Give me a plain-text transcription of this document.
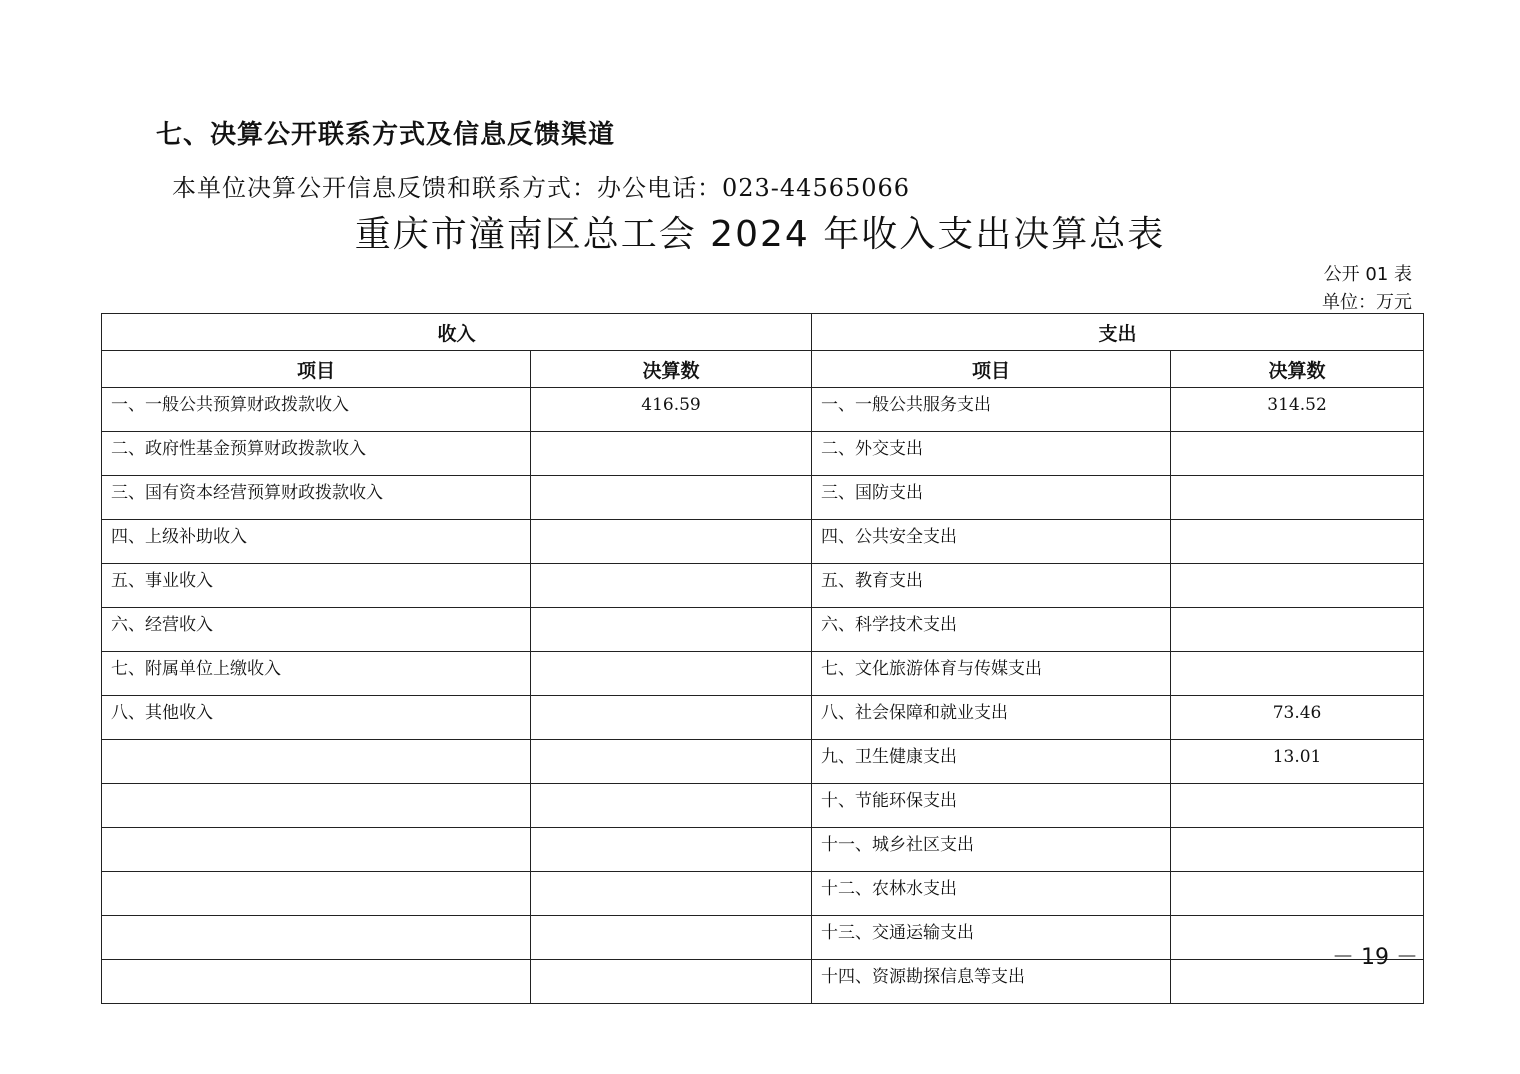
七、决算公开联系方式及信息反馈渠道
本单位决算公开信息反馈和联系方式：办公电话：023-44565066
重庆市潼南区总工会 2024 年收入支出决算总表
公开 01 表
单位：万元
收入		支出	
项目	决算数	项目	决算数
一、一般公共预算财政拨款收入	416.59	一、一般公共服务支出	314.52
二、政府性基金预算财政拨款收入		二、外交支出	
三、国有资本经营预算财政拨款收入		三、国防支出	
四、上级补助收入		四、公共安全支出	
五、事业收入		五、教育支出	
六、经营收入		六、科学技术支出	
七、附属单位上缴收入		七、文化旅游体育与传媒支出	
八、其他收入		八、社会保障和就业支出	73.46
		九、卫生健康支出	13.01
		十、节能环保支出	
		十一、城乡社区支出	
		十二、农林水支出	
		十三、交通运输支出	
		十四、资源勘探信息等支出	
－ 19 －
